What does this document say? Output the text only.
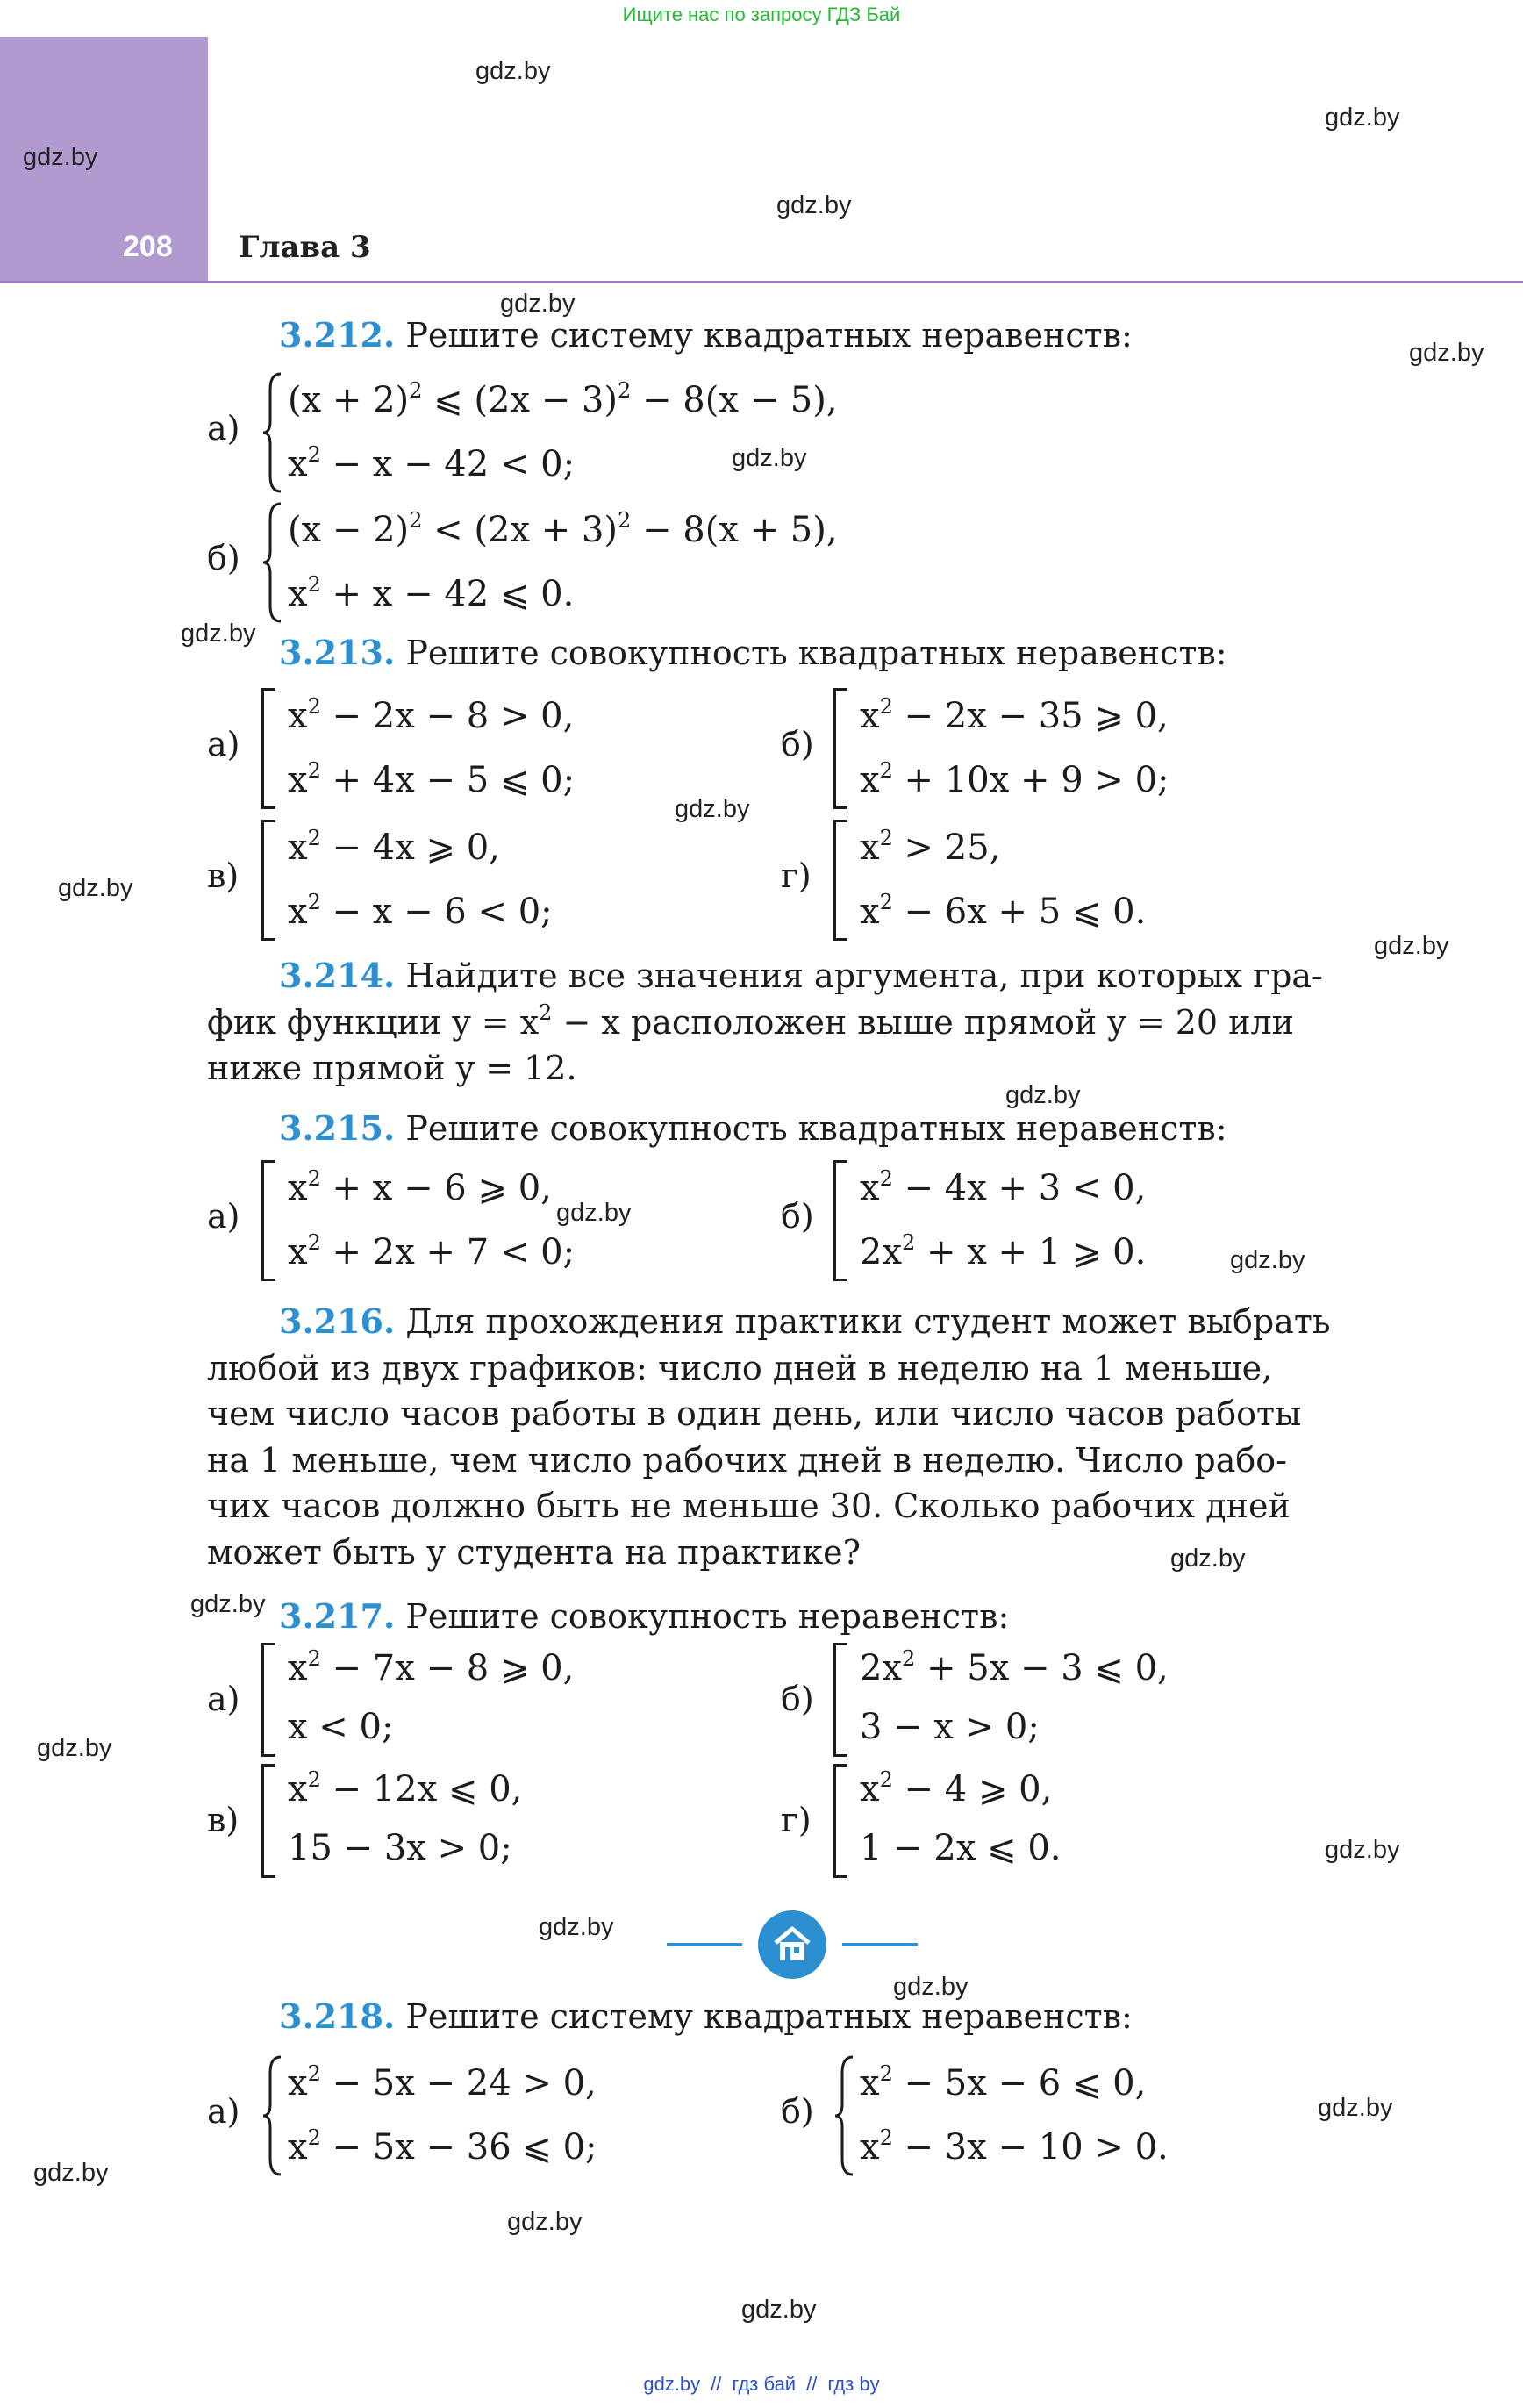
Ищите нас по запросу ГДЗ Бай
208 Глава 3
gdz.by
gdz.by
gdz.by
gdz.by
gdz.by
gdz.by
gdz.by
gdz.by
gdz.by
gdz.by
gdz.by
gdz.by
gdz.by
gdz.by
gdz.by
gdz.by
gdz.by
gdz.by
gdz.by
gdz.by
gdz.by
gdz.by
gdz.by
gdz.by
3.212. Решите систему квадратных неравенств:
а)
$(x + 2)^2$ ⩽ $(2x - 3)^2 - 8(x - 5)$,
$x^2 - x - 42 < 0$;
б)
$(x - 2)^2 < (2x + 3)^2 - 8(x + 5)$,
$x^2 + x - 42$ ⩽ 0.
3.213. Решите совокупность квадратных неравенств:
а)
$x^2 - 2x - 8 > 0$,
$x^2 + 4x - 5$ ⩽ 0;
б)
$x^2 - 2x - 35$ ⩾ 0,
$x^2 + 10x + 9 > 0$;
в)
$x^2 - 4x$ ⩾ 0,
$x^2 - x - 6 < 0$;
г)
$x^2 > 25$,
$x^2 - 6x + 5$ ⩽ 0.
3.214. Найдите все значения аргумента, при которых гра-
фик функции $y = x^2 - x$ расположен выше прямой y = 20 или
ниже прямой y = 12.
3.215. Решите совокупность квадратных неравенств:
а)
$x^2 + x - 6$ ⩾ 0,
$x^2 + 2x + 7 < 0$;
б)
$x^2 - 4x + 3 < 0$,
$2x^2 + x + 1$ ⩾ 0.
3.216. Для прохождения практики студент может выбрать
любой из двух графиков: число дней в неделю на 1 меньше,
чем число часов работы в один день, или число часов работы
на 1 меньше, чем число рабочих дней в неделю. Число рабо-
чих часов должно быть не меньше 30. Сколько рабочих дней
может быть у студента на практике?
3.217. Решите совокупность неравенств:
а)
$x^2 - 7x - 8$ ⩾ 0,
x < 0;
б)
$2x^2 + 5x - 3$ ⩽ 0,
3 − x > 0;
в)
$x^2 - 12x$ ⩽ 0,
15 − 3x > 0;
г)
$x^2 - 4$ ⩾ 0,
1 − 2x ⩽ 0.
3.218. Решите систему квадратных неравенств:
а)
$x^2 - 5x - 24 > 0$,
$x^2 - 5x - 36$ ⩽ 0;
б)
$x^2 - 5x - 6$ ⩽ 0,
$x^2 - 3x - 10 > 0$.
gdz.by // гдз бай // гдз by
